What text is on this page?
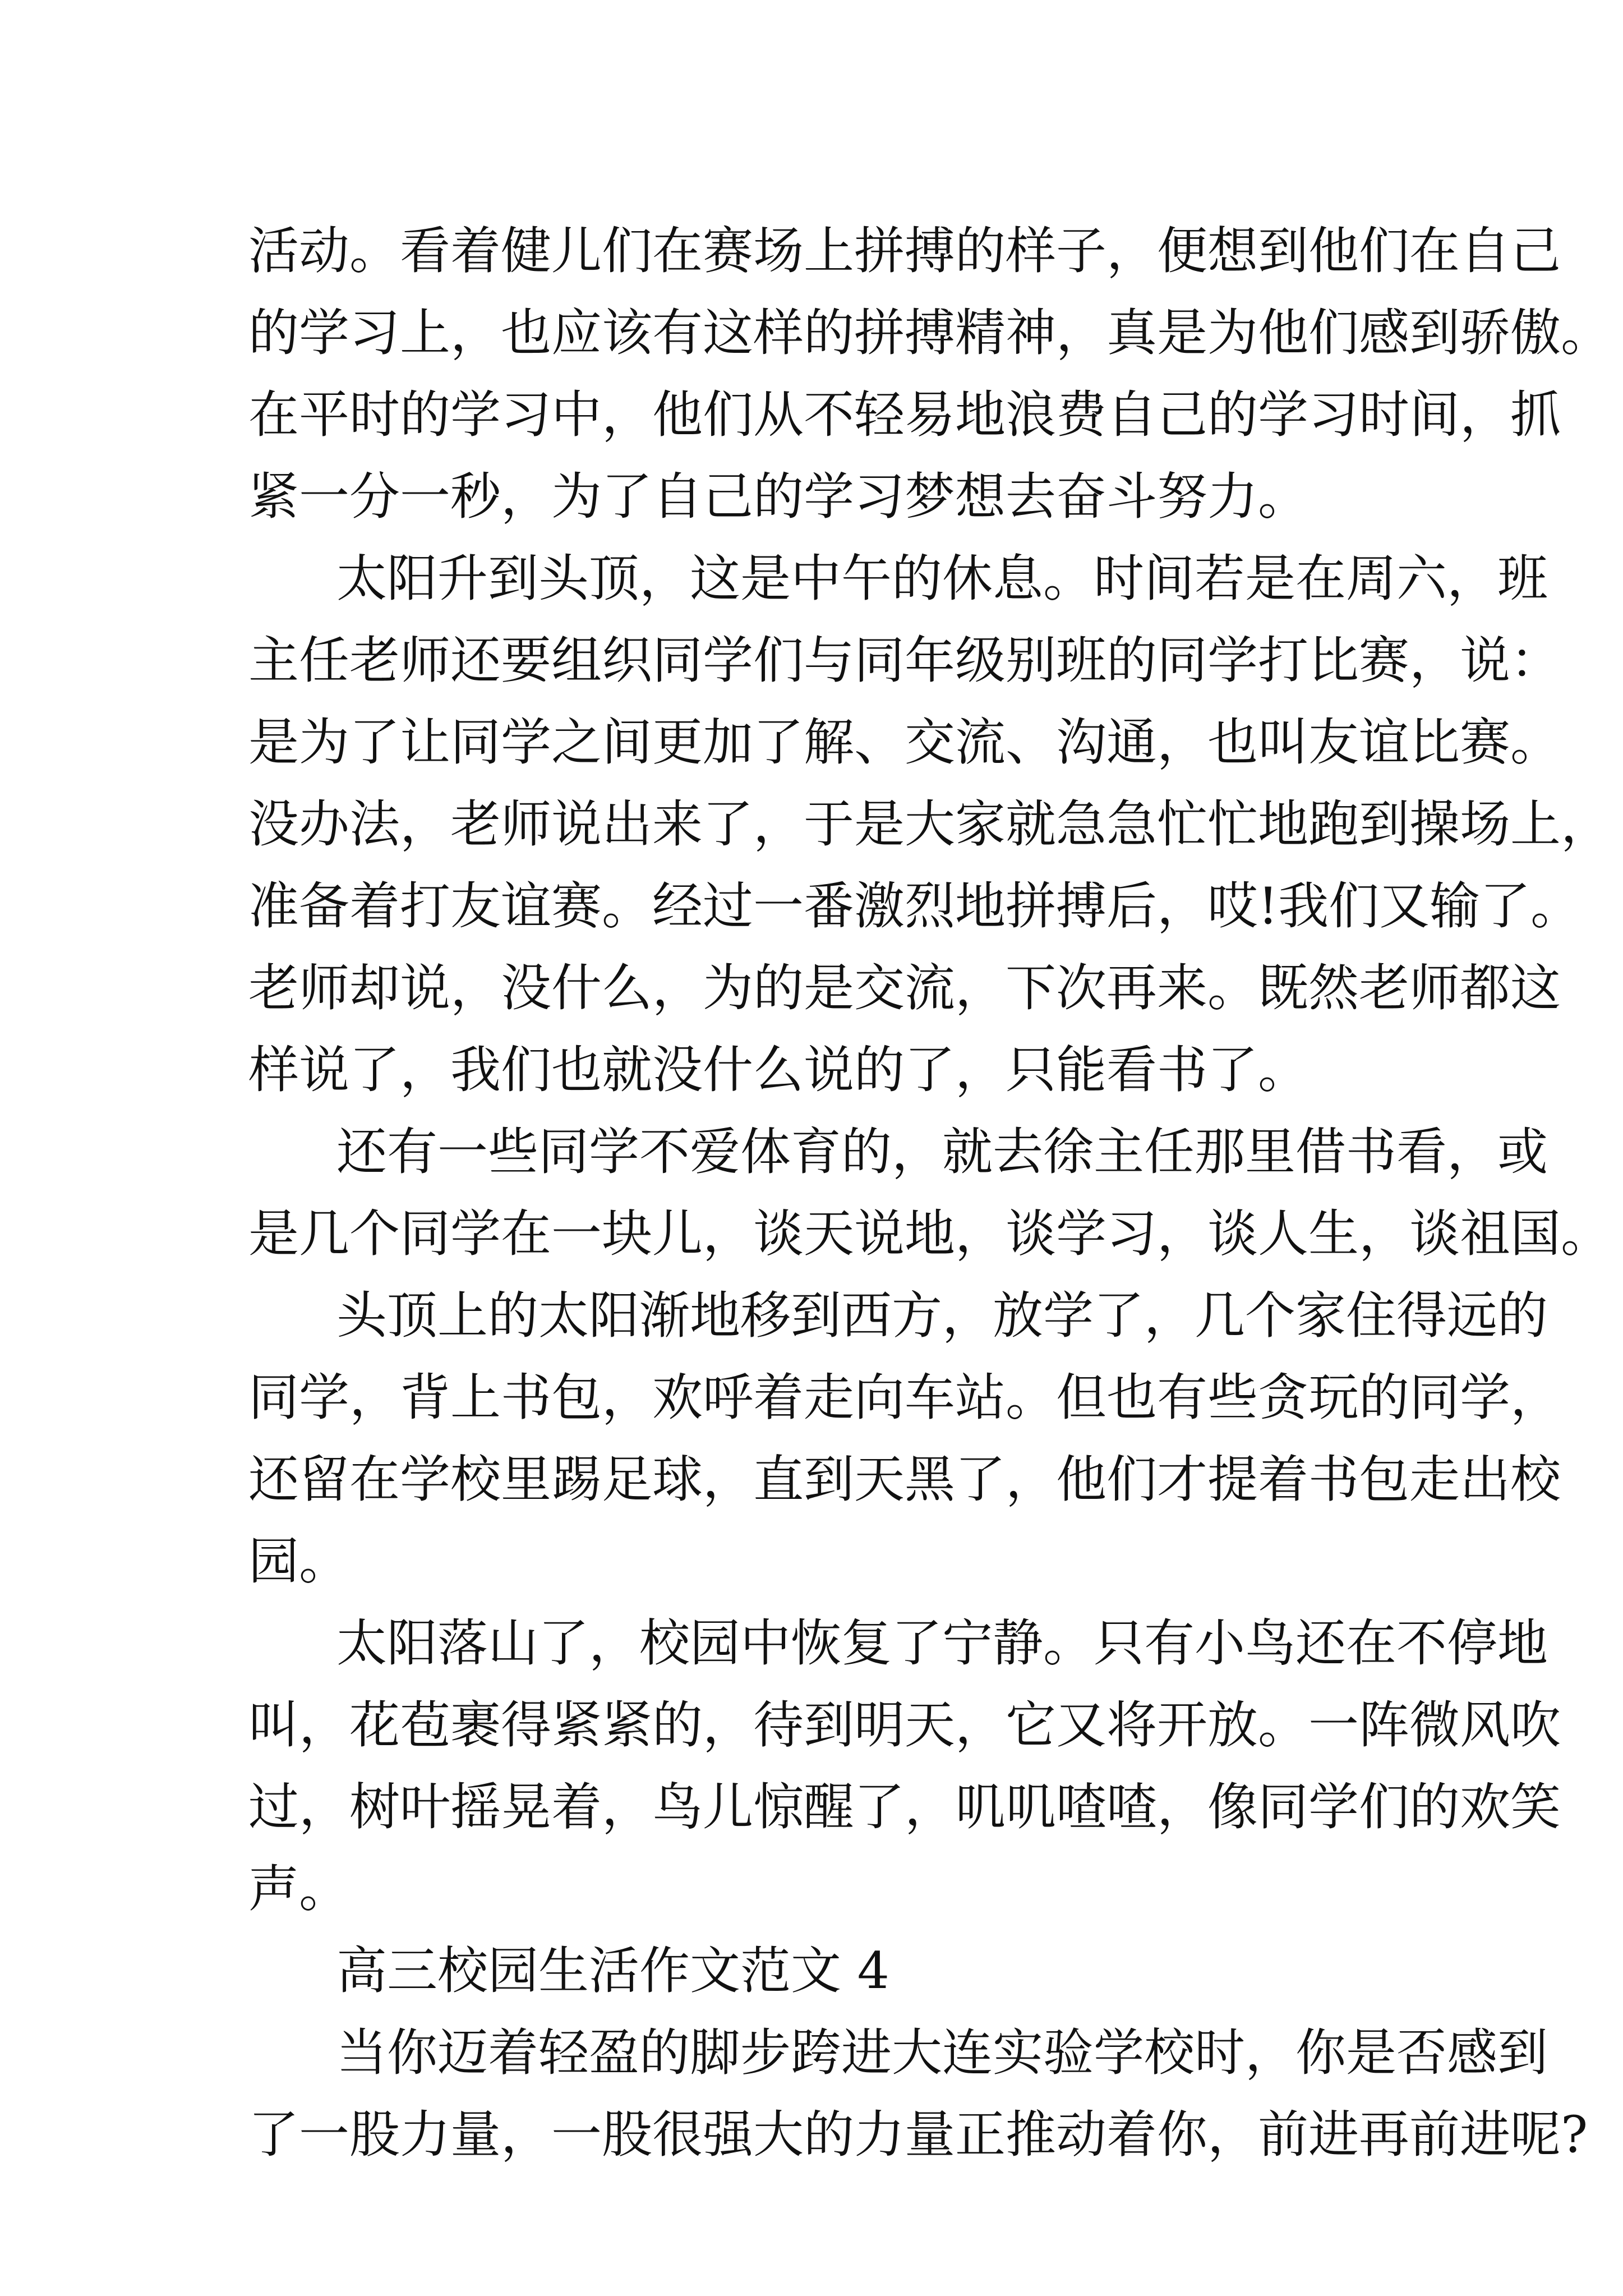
活动。看着健儿们在赛场上拼搏的样子，便想到他们在自己

的学习上，也应该有这样的拼搏精神，真是为他们感到骄傲。

在平时的学习中，他们从不轻易地浪费自己的学习时间，抓

紧一分一秒，为了自己的学习梦想去奋斗努力。

太阳升到头顶，这是中午的休息。时间若是在周六，班

主任老师还要组织同学们与同年级别班的同学打比赛，说：

是为了让同学之间更加了解、交流、沟通，也叫友谊比赛。

没办法，老师说出来了，于是大家就急急忙忙地跑到操场上，

准备着打友谊赛。经过一番激烈地拼搏后，哎!我们又输了。

老师却说，没什么，为的是交流，下次再来。既然老师都这

样说了，我们也就没什么说的了，只能看书了。

还有一些同学不爱体育的，就去徐主任那里借书看，或

是几个同学在一块儿，谈天说地，谈学习，谈人生，谈祖国。

头顶上的太阳渐地移到西方，放学了，几个家住得远的

同学，背上书包，欢呼着走向车站。但也有些贪玩的同学，

还留在学校里踢足球，直到天黑了，他们才提着书包走出校

园。

太阳落山了，校园中恢复了宁静。只有小鸟还在不停地

叫，花苞裹得紧紧的，待到明天，它又将开放。一阵微风吹

过，树叶摇晃着，鸟儿惊醒了，叽叽喳喳，像同学们的欢笑

声。

高三校园生活作文范文 4

当你迈着轻盈的脚步跨进大连实验学校时，你是否感到

了一股力量，一股很强大的力量正推动着你，前进再前进呢?
